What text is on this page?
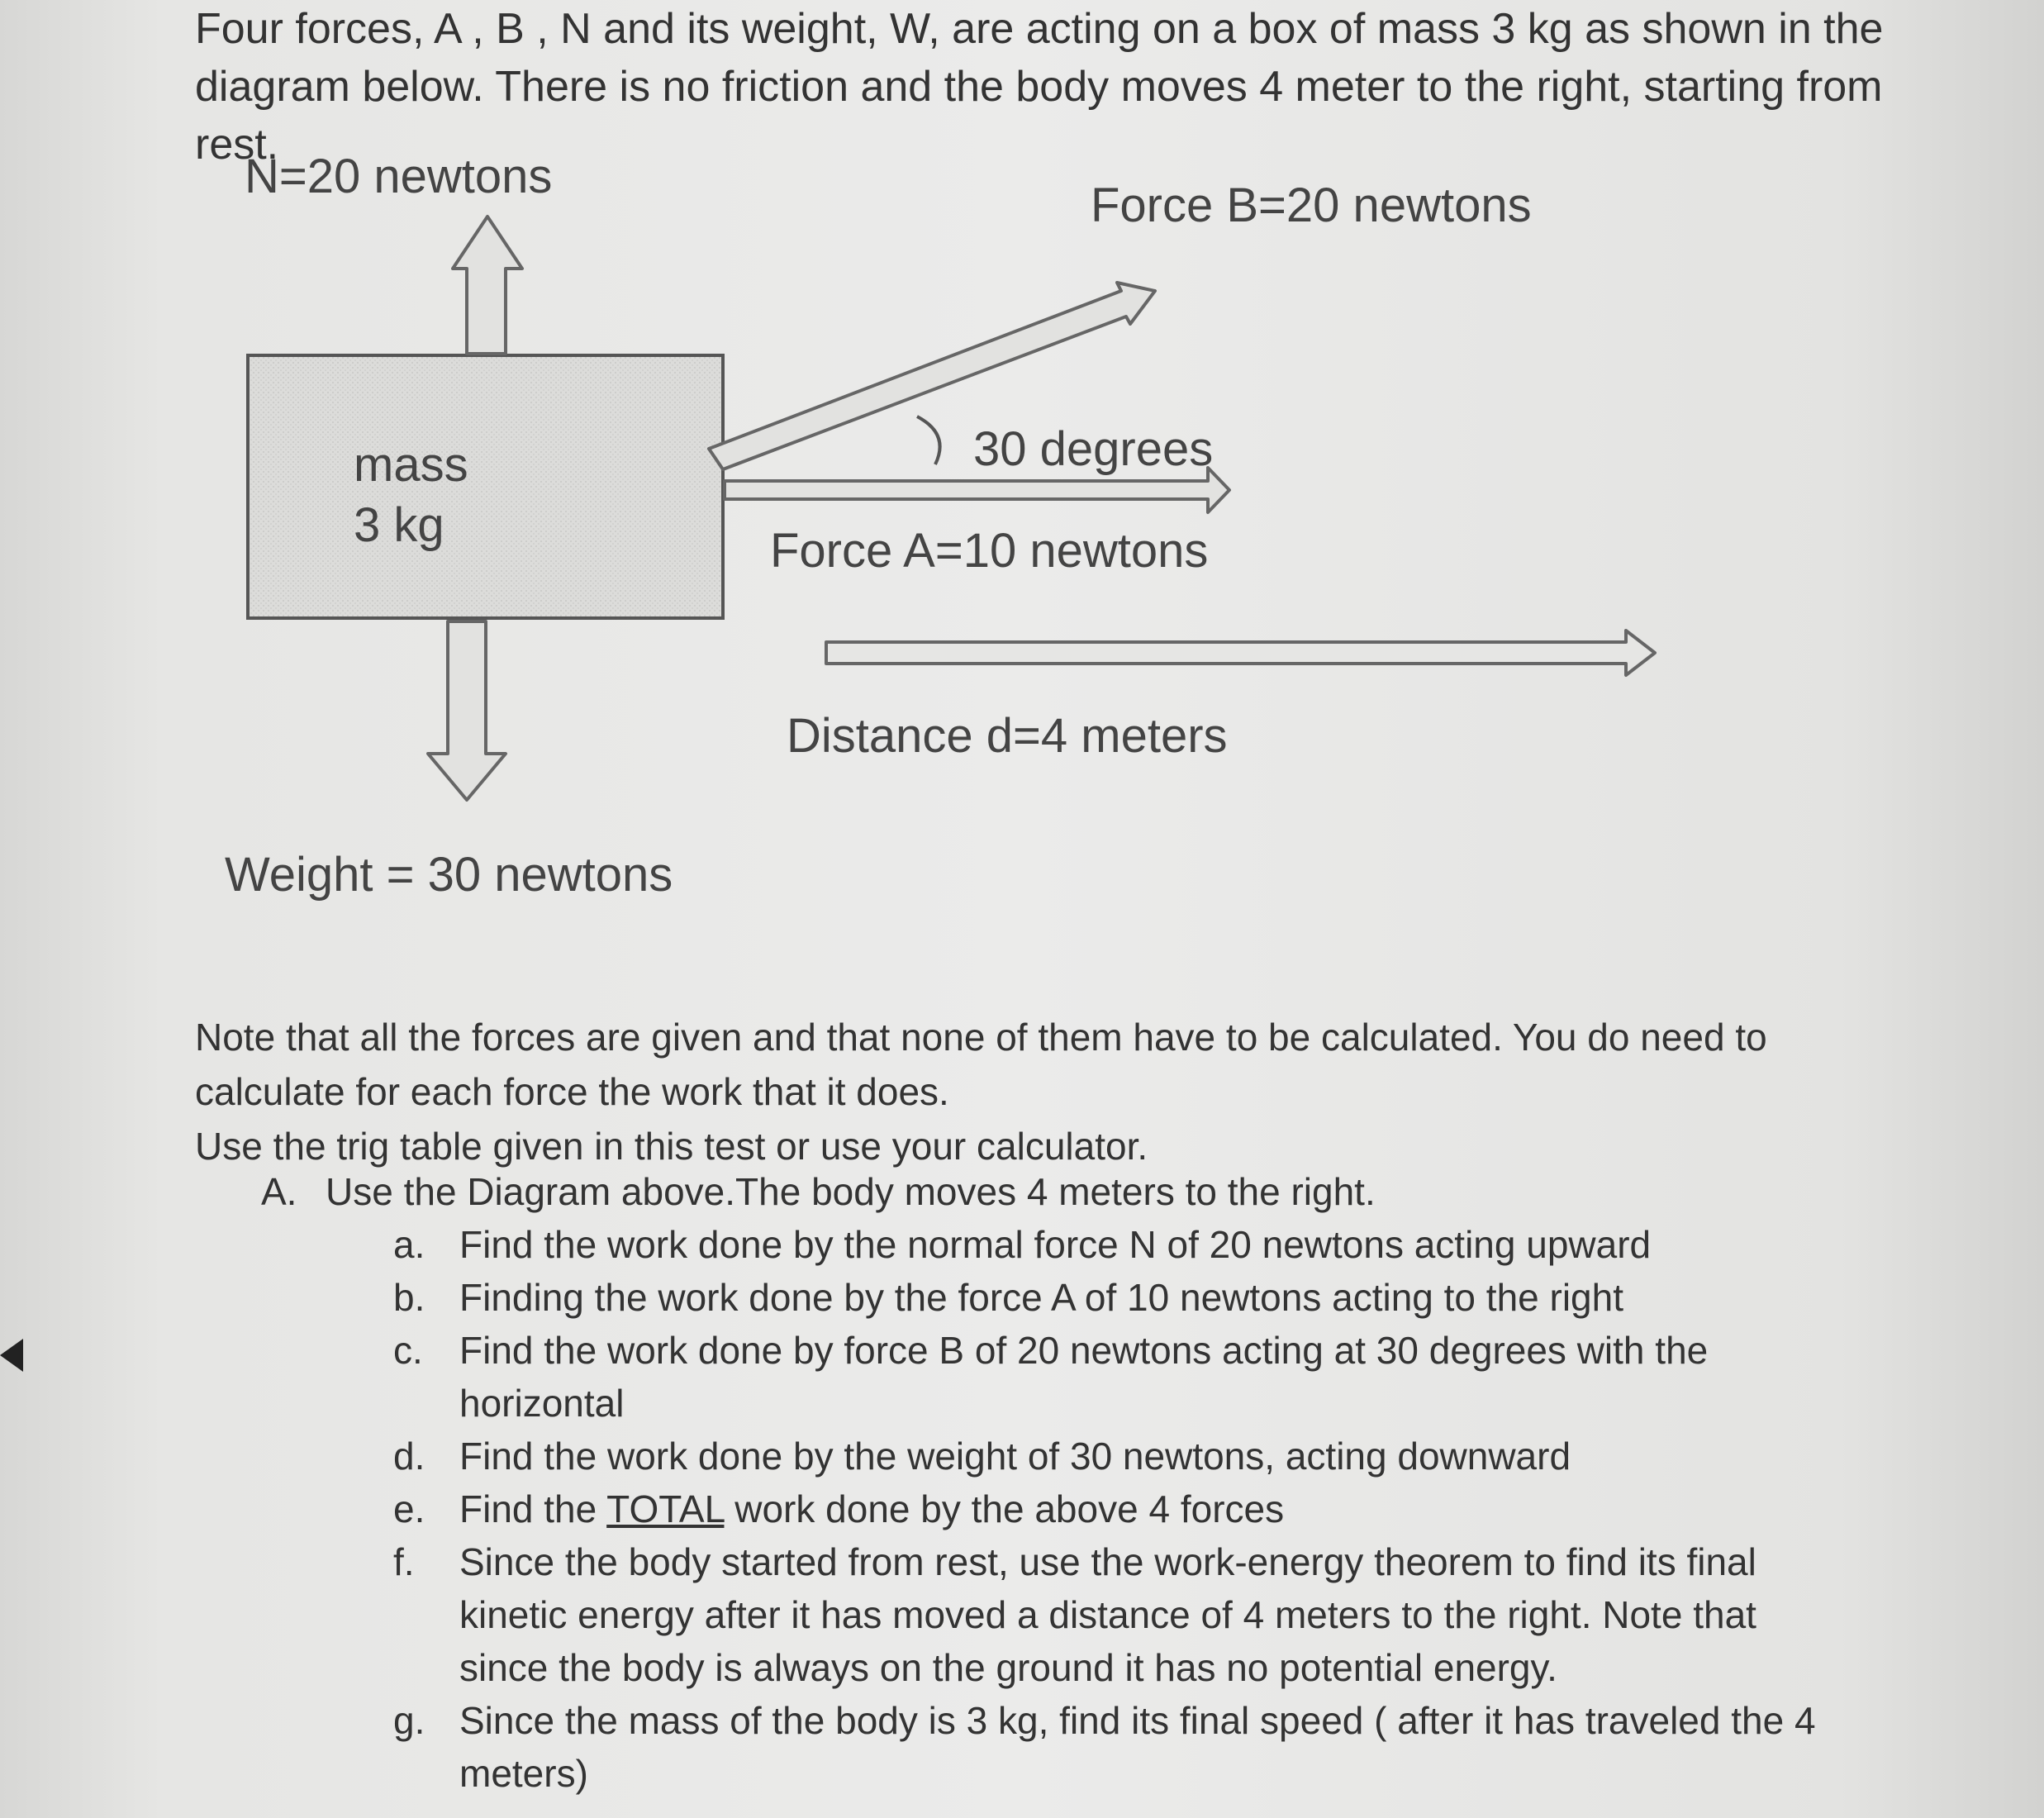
Four forces, A , B , N and its weight, W, are acting on a box of mass 3 kg as shown in the

diagram below. There is no friction and the body moves 4 meter to the right, starting from rest.

N=20 newtons
Force B=20 newtons
30 degrees
mass
3 kg	Force A=10 newtons
Distance d=4 meters
Weight = 30 newtons

Note that all the forces are given and that none of them have to be calculated. You do need to

calculate for each force the work that it does.

Use the trig table given in this test or use your calculator.

A. Use the Diagram above.The body moves 4 meters to the right.
a. Find the work done by the normal force N of 20 newtons acting upward
b. Finding the work done by the force A of 10 newtons acting to the right
c. Find the work done by force B of 20 newtons acting at 30 degrees with the horizontal
d. Find the work done by the weight of 30 newtons, acting downward
e. Find the TOTAL work done by the above 4 forces
f.	Since the body started from rest, use the work-energy theorem to find its final kinetic energy after it has moved a distance of 4 meters to the right. Note that since the body is always on the ground it has no potential energy.
g. Since the mass of the body is 3 kg, find its final speed ( after it has traveled the 4 meters)
